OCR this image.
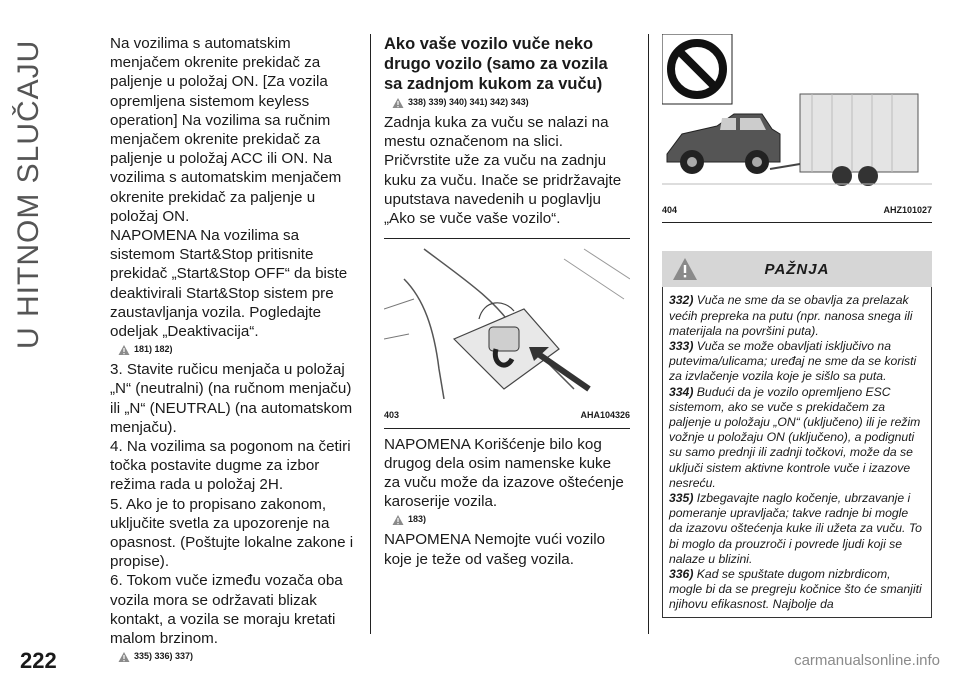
U HITNOM SLUČAJU	Na vozilima s automatskim menjačem okrenite prekidač za paljenje u položaj ON. [Za vozila opremljena sistemom keyless operation] Na vozilima sa ručnim menjačem okrenite prekidač za paljenje u položaj ACC ili ON. Na vozilima s automatskim menjačem okrenite prekidač za paljenje u položaj ON.

NAPOMENA Na vozilima sa sistemom Start&Stop pritisnite prekidač „Start&Stop OFF“ da biste deaktivirali Start&Stop sistem pre zaustavljanja vozila. Pogledajte odeljak „Deaktivacija“.

181) 182)

3. Stavite ručicu menjača u položaj „N“ (neutralni) (na ručnom menjaču) ili „N“ (NEUTRAL) (na automatskom menjaču).

4. Na vozilima sa pogonom na četiri točka postavite dugme za izbor režima rada u položaj 2H.

5. Ako je to propisano zakonom, uključite svetla za upozorenje na opasnost. (Poštujte lokalne zakone i propise).

6. Tokom vuče između vozača oba vozila mora se održavati blizak kontakt, a vozila se moraju kretati malom brzinom.

335) 336) 337)

Ako vaše vozilo vuče neko drugo vozilo (samo za vozila sa zadnjom kukom za vuču)

338) 339) 340) 341) 342) 343)

Zadnja kuka za vuču se nalazi na mestu označenom na slici. Pričvrstite uže za vuču na zadnju kuku za vuču. Inače se pridržavajte uputstava navedenih u poglavlju „Ako se vuče vaše vozilo“.

403	AHA104326

NAPOMENA Korišćenje bilo kog drugog dela osim namenske kuke za vuču može da izazove oštećenje karoserije vozila.

183)

NAPOMENA Nemojte vući vozilo koje je teže od vašeg vozila.

404	AHZ101027
PAŽNJA

332) Vuča ne sme da se obavlja za prelazak većih prepreka na putu (npr. nanosa snega ili materijala na površini puta).

333) Vuča se može obavljati isključivo na putevima/ulicama; uređaj ne sme da se koristi za izvlačenje vozila koje je sišlo sa puta.

334) Budući da je vozilo opremljeno ESC sistemom, ako se vuče s prekidačem za paljenje u položaju „ON“ (uključeno) ili je režim vožnje u položaju ON (uključeno), a podignuti su samo prednji ili zadnji točkovi, može da se uključi sistem aktivne kontrole vuče i izazove nesreću.

335) Izbegavajte naglo kočenje, ubrzavanje i pomeranje upravljača; takve radnje bi mogle da izazovu oštećenja kuke ili užeta za vuču. To bi moglo da prouzroči i povrede ljudi koji se nalaze u blizini.

336) Kad se spuštate dugom nizbrdicom, mogle bi da se pregreju kočnice što će smanjiti njihovu efikasnost. Najbolje da

222	carmanualsonline.info
